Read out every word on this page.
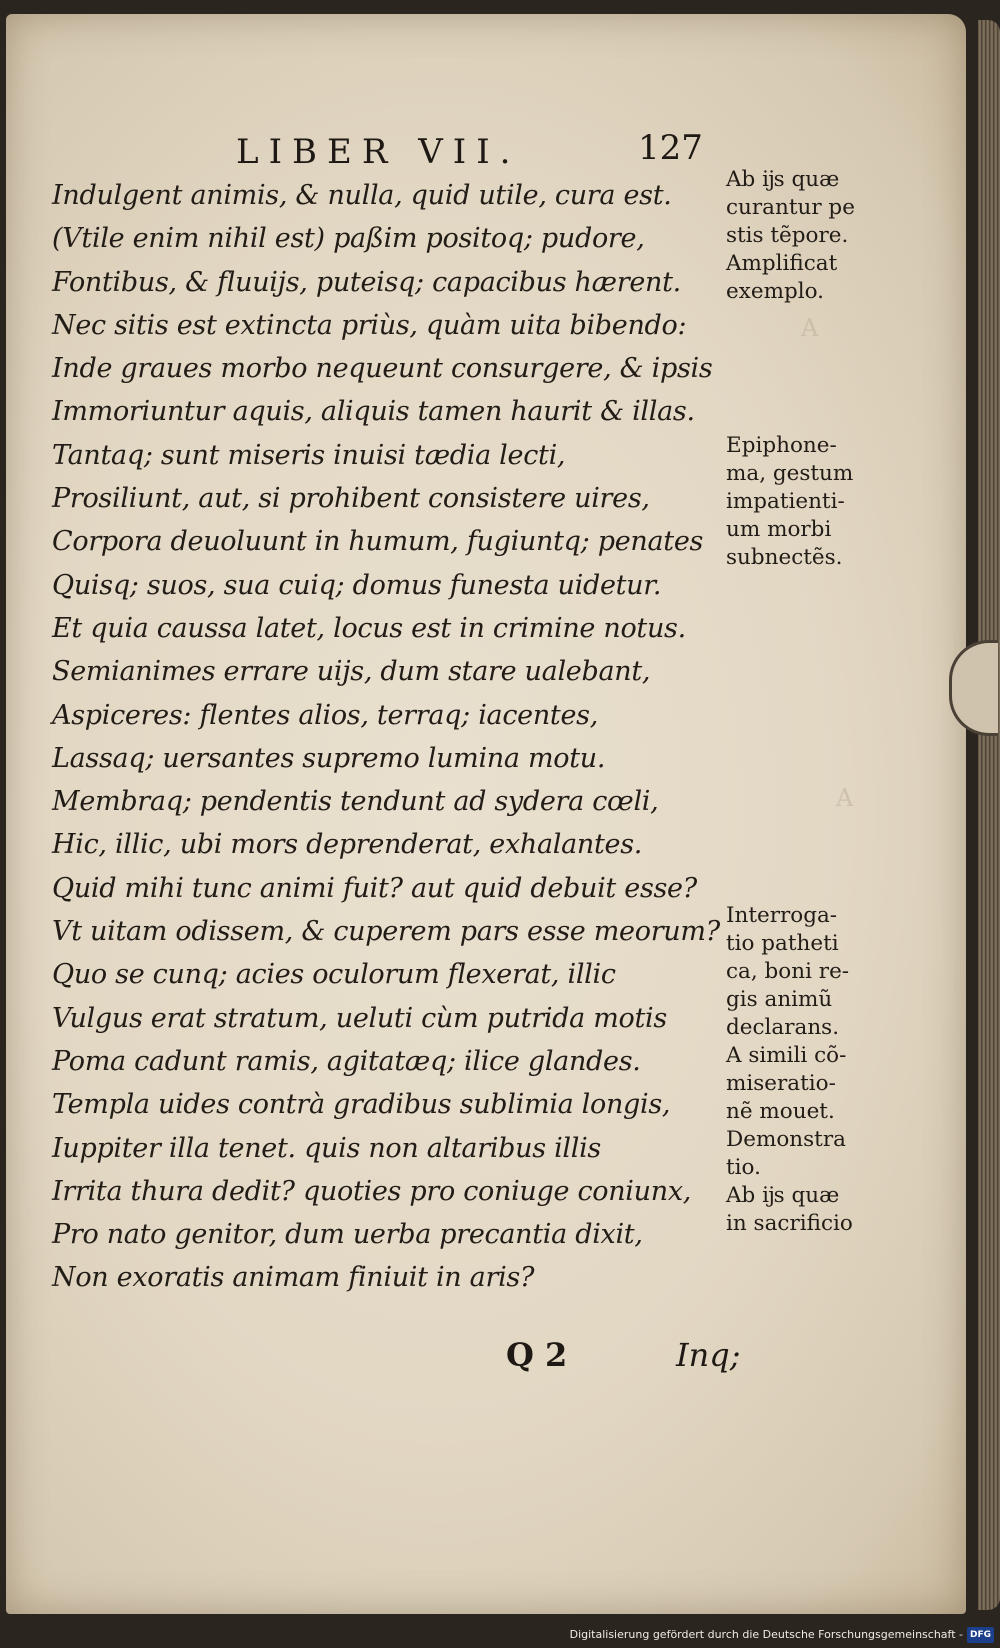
A
A
LIBER VII.	127
Indulgent animis, & nulla, quid utile, cura est.
(Vtile enim nihil est) paßim positoq; pudore,
Fontibus, & fluuijs, puteisq; capacibus hærent.
Nec sitis est extincta priùs, quàm uita bibendo:
Inde graues morbo nequeunt consurgere, & ipsis
Immoriuntur aquis, aliquis tamen haurit & illas.
Tantaq; sunt miseris inuisi tædia lecti,
Prosiliunt, aut, si prohibent consistere uires,
Corpora deuoluunt in humum, fugiuntq; penates
Quisq; suos, sua cuiq; domus funesta uidetur.
Et quia caussa latet, locus est in crimine notus.
Semianimes errare uijs, dum stare ualebant,
Aspiceres: flentes alios, terraq; iacentes,
Lassaq; uersantes supremo lumina motu.
Membraq; pendentis tendunt ad sydera cœli,
Hic, illic, ubi mors deprenderat, exhalantes.
Quid mihi tunc animi fuit? aut quid debuit esse?
Vt uitam odissem, & cuperem pars esse meorum?
Quo se cunq; acies oculorum flexerat, illic
Vulgus erat stratum, ueluti cùm putrida motis
Poma cadunt ramis, agitatæq; ilice glandes.
Templa uides contrà gradibus sublimia longis,
Iuppiter illa tenet. quis non altaribus illis
Irrita thura dedit? quoties pro coniuge coniunx,
Pro nato genitor, dum uerba precantia dixit,
Non exoratis animam finiuit in aris?
Ab ĳs quæ
curantur pe
stis tẽpore.
Amplificat
exemplo.
Epiphone-
ma, gestum
impatienti-
um morbi
subnectẽs.
Interroga-
tio patheti
ca, boni re-
gis animũ
declarans.
A simili cõ-
miseratio-
nẽ mouet.
Demonstra
tio.
Ab ĳs quæ
in sacrificio
Q 2	Inq;
Digitalisierung gefördert durch die Deutsche Forschungsgemeinschaft - DFG
